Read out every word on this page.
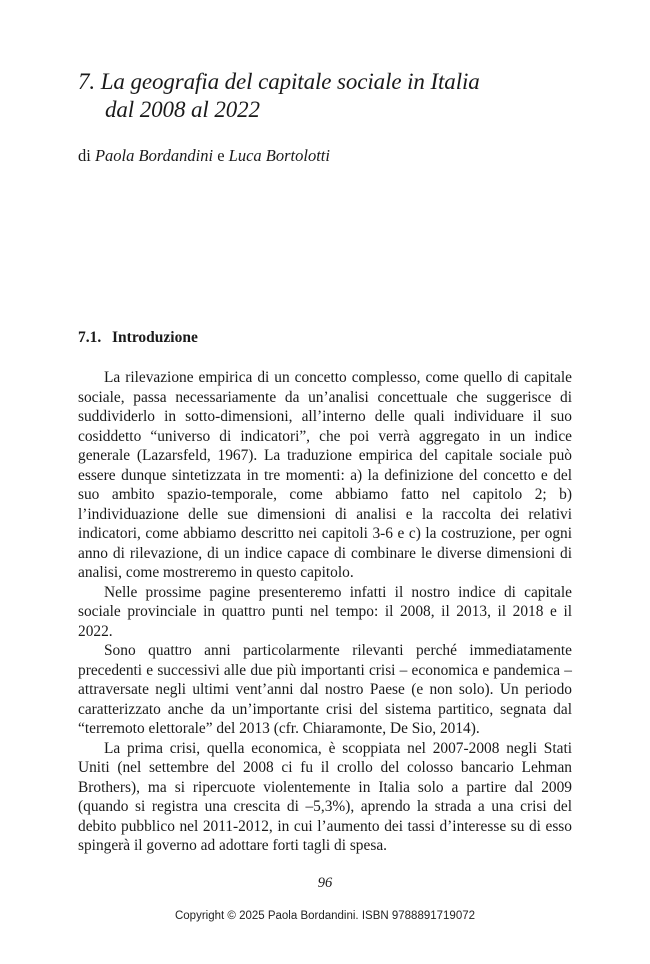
7. La geografia del capitale sociale in Italia
dal 2008 al 2022
di Paola Bordandini e Luca Bortolotti
7.1. Introduzione

La rilevazione empirica di un concetto complesso, come quello di capitale sociale, passa necessariamente da un’analisi concettuale che suggerisce di suddividerlo in sotto-dimensioni, all’interno delle quali individuare il suo cosiddetto “universo di indicatori”, che poi verrà aggregato in un indice generale (Lazarsfeld, 1967). La traduzione empirica del capitale sociale può essere dunque sintetizzata in tre momenti: a) la definizione del concetto e del suo ambito spazio-temporale, come abbiamo fatto nel capitolo 2; b) l’individuazione delle sue dimensioni di analisi e la raccolta dei relativi indicatori, come abbiamo descritto nei capitoli 3-6 e c) la costruzione, per ogni anno di rilevazione, di un indice capace di combinare le diverse dimensioni di analisi, come mostreremo in questo capitolo.

Nelle prossime pagine presenteremo infatti il nostro indice di capitale sociale provinciale in quattro punti nel tempo: il 2008, il 2013, il 2018 e il 2022.

Sono quattro anni particolarmente rilevanti perché immediatamente precedenti e successivi alle due più importanti crisi – economica e pandemica – attraversate negli ultimi vent’anni dal nostro Paese (e non solo). Un periodo caratterizzato anche da un’importante crisi del sistema partitico, segnata dal “terremoto elettorale” del 2013 (cfr. Chiaramonte, De Sio, 2014).

La prima crisi, quella economica, è scoppiata nel 2007-2008 negli Stati Uniti (nel settembre del 2008 ci fu il crollo del colosso bancario Lehman Brothers), ma si ripercuote violentemente in Italia solo a partire dal 2009 (quando si registra una crescita di –5,3%), aprendo la strada a una crisi del debito pubblico nel 2011-2012, in cui l’aumento dei tassi d’interesse su di esso spingerà il governo ad adottare forti tagli di spesa.

96
Copyright © 2025 Paola Bordandini. ISBN 9788891719072
